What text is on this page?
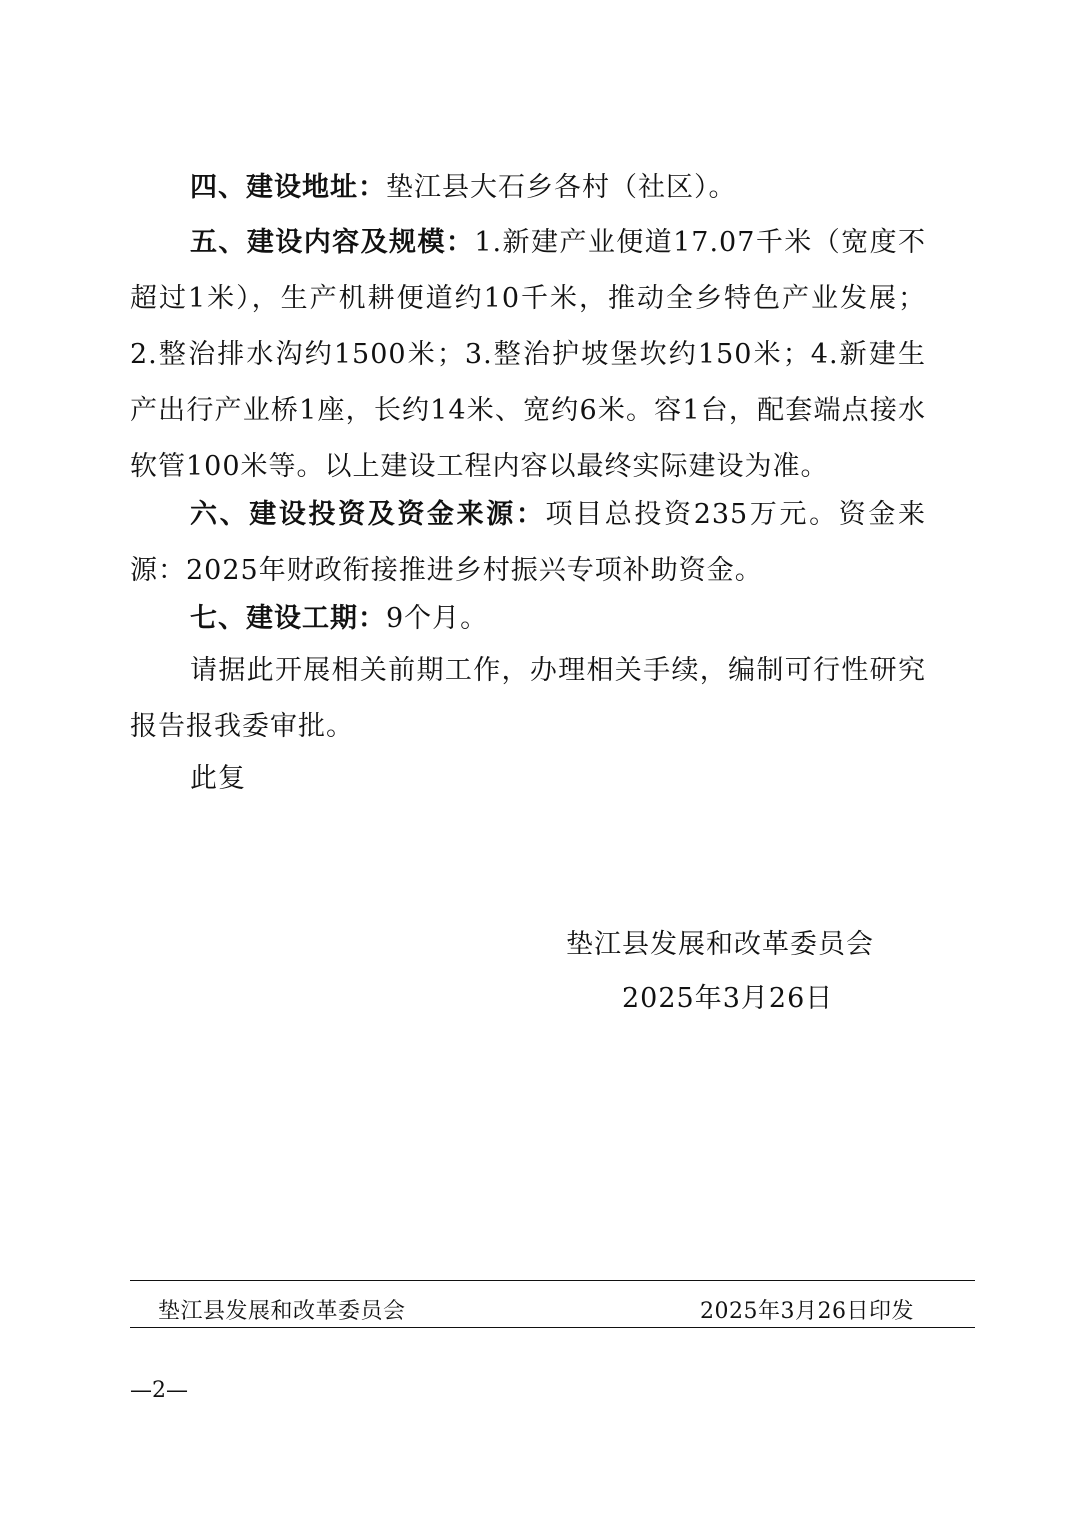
四、建设地址：垫江县大石乡各村（社区）。
五、建设内容及规模：1.新建产业便道17.07千米（宽度不超过1米），生产机耕便道约10千米，推动全乡特色产业发展；2.整治排水沟约1500米；3.整治护坡堡坎约150米；4.新建生产出行产业桥1座，长约14米、宽约6米。容1台，配套端点接水软管100米等。以上建设工程内容以最终实际建设为准。
六、建设投资及资金来源：项目总投资235万元。资金来源：2025年财政衔接推进乡村振兴专项补助资金。
七、建设工期：9个月。
请据此开展相关前期工作，办理相关手续，编制可行性研究报告报我委审批。
此复
垫江县发展和改革委员会
2025年3月26日
垫江县发展和改革委员会	2025年3月26日印发
—2—
